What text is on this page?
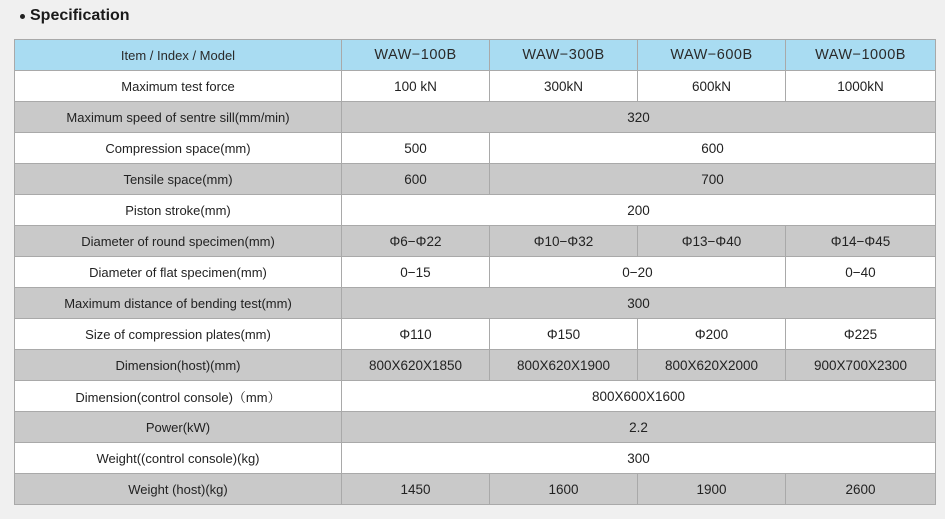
Specification
Item / Index / Model	WAW−100B	WAW−300B	WAW−600B	WAW−1000B
Maximum test force	100 kN	300kN	600kN	1000kN
Maximum speed of sentre sill(mm/min)	320			
Compression space(mm)	500	600		
Tensile space(mm)	600	700		
Piston stroke(mm)	200			
Diameter of round specimen(mm)	Φ6−Φ22	Φ10−Φ32	Φ13−Φ40	Φ14−Φ45
Diameter of flat specimen(mm)	0−15	0−20		0−40
Maximum distance of bending test(mm)	300			
Size of compression plates(mm)	Φ110	Φ150	Φ200	Φ225
Dimension(host)(mm)	800X620X1850	800X620X1900	800X620X2000	900X700X2300
Dimension(control console)（mm）	800X600X1600			
Power(kW)	2.2			
Weight((control console)(kg)	300			
Weight (host)(kg)	1450	1600	1900	2600
